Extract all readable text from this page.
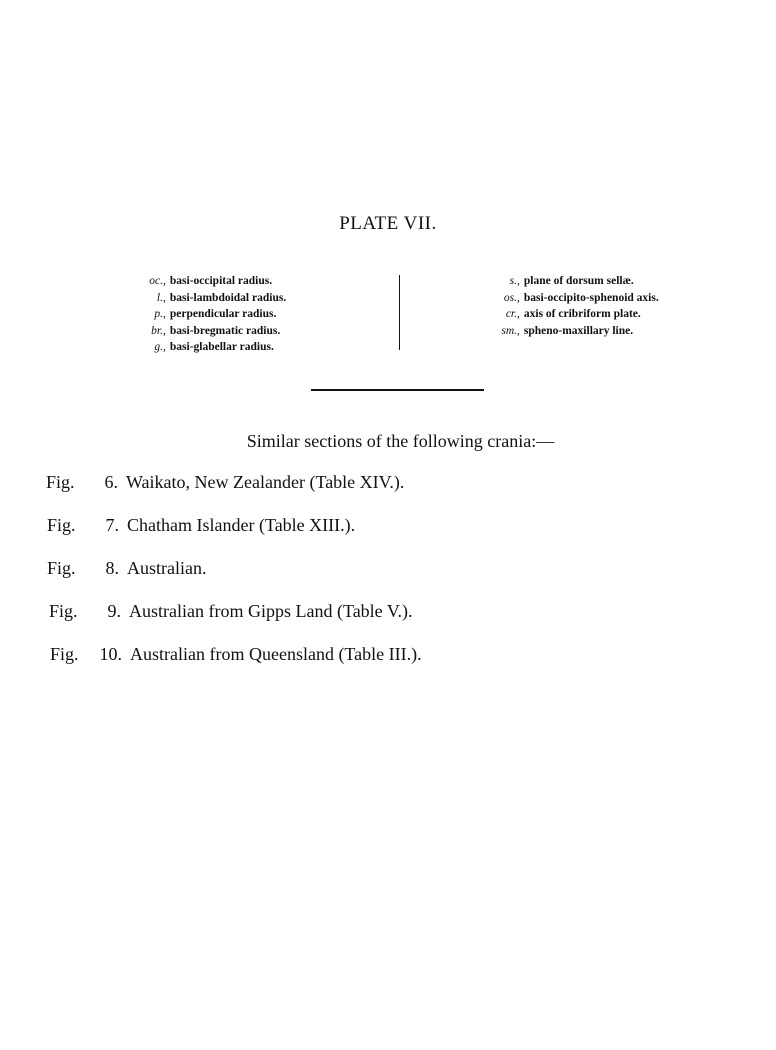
PLATE VII.
oc. , basi-occipital radius.
l. , basi-lambdoidal radius.
p. , perpendicular radius.
br. , basi-bregmatic radius.
g. , basi-glabellar radius.
s. , plane of dorsum sellæ.
os. , basi-occipito-sphenoid axis.
cr. , axis of cribriform plate.
sm. , spheno-maxillary line.
Similar sections of the following crania:—
Fig. 6. Waikato, New Zealander (Table XIV.).
Fig. 7. Chatham Islander (Table XIII.).
Fig. 8. Australian.
Fig. 9. Australian from Gipps Land (Table V.).
Fig. 10. Australian from Queensland (Table III.).
